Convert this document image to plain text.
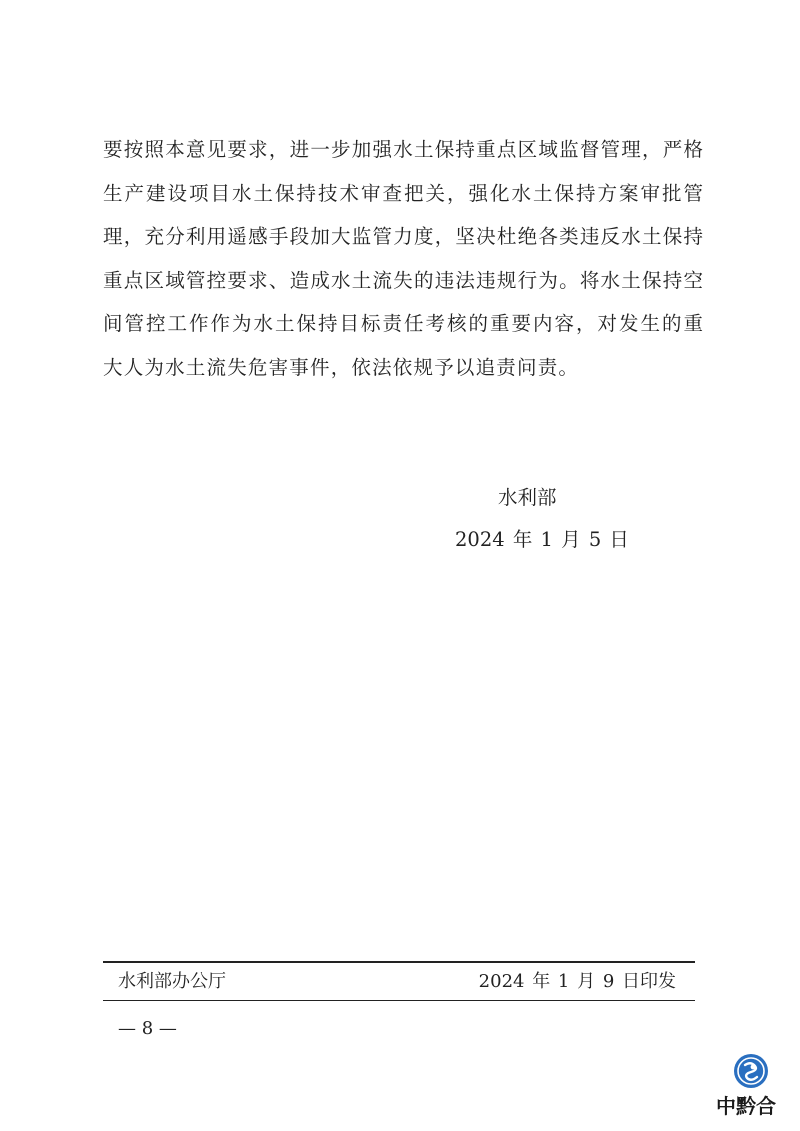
要按照本意见要求，进一步加强水土保持重点区域监督管理，严格
生产建设项目水土保持技术审查把关，强化水土保持方案审批管
理，充分利用遥感手段加大监管力度，坚决杜绝各类违反水土保持
重点区域管控要求、造成水土流失的违法违规行为。将水土保持空
间管控工作作为水土保持目标责任考核的重要内容，对发生的重
大人为水土流失危害事件，依法依规予以追责问责。
水利部
2024 年 1 月 5 日
水利部办公厅	2024 年 1 月 9 日印发
— 8 —
中黔合
